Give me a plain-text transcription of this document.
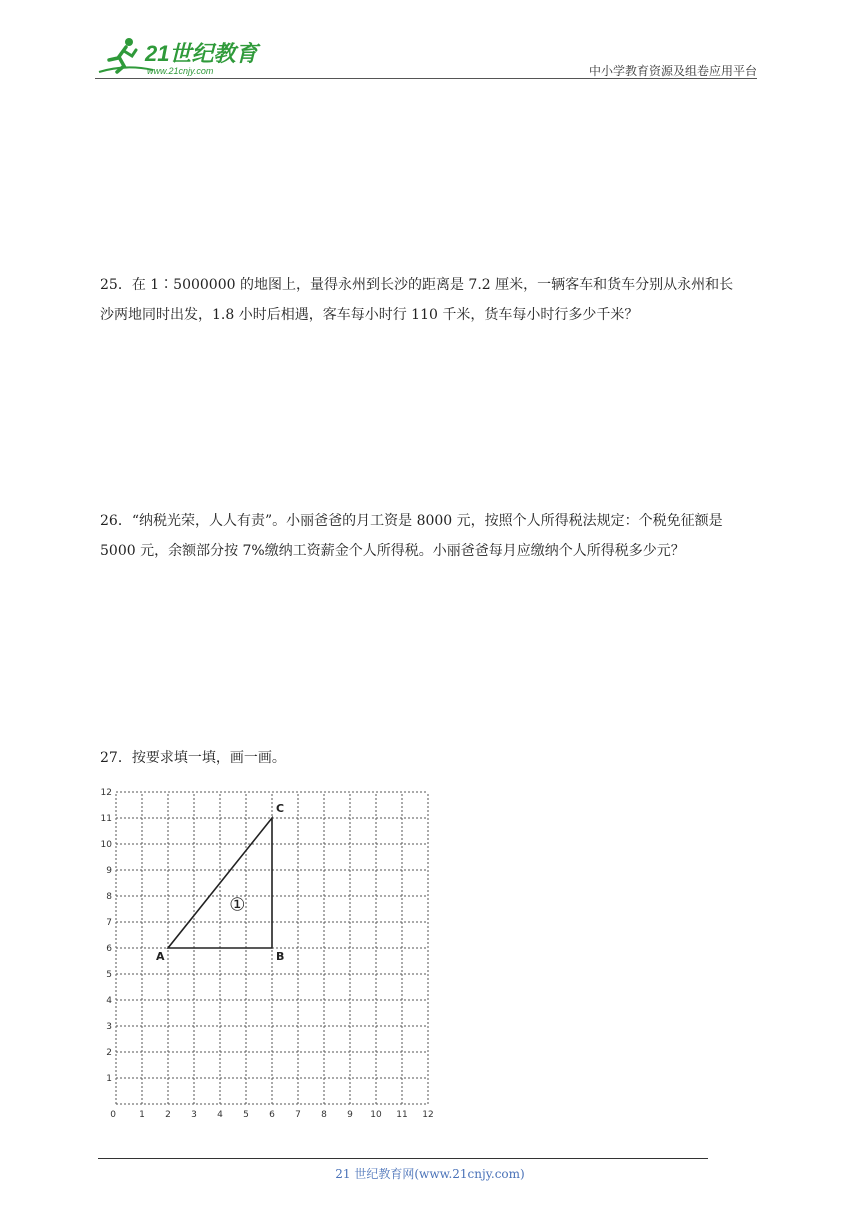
21世纪教育
www.21cnjy.com	中小学教育资源及组卷应用平台

25．在 1∶5000000 的地图上，量得永州到长沙的距离是 7.2 厘米，一辆客车和货车分别从永州和长

沙两地同时出发，1.8 小时后相遇，客车每小时行 110 千米，货车每小时行多少千米？

26．“纳税光荣，人人有责”。小丽爸爸的月工资是 8000 元，按照个人所得税法规定：个税免征额是

5000 元，余额部分按 7%缴纳工资薪金个人所得税。小丽爸爸每月应缴纳个人所得税多少元？

27．按要求填一填，画一画。

0	1 2 3 4 5 6 7 8 9 10 11 12
1
2
3
4
5
6
7
8
9
10
11
12
A	B
C
①
21 世纪教育网(www.21cnjy.com)
